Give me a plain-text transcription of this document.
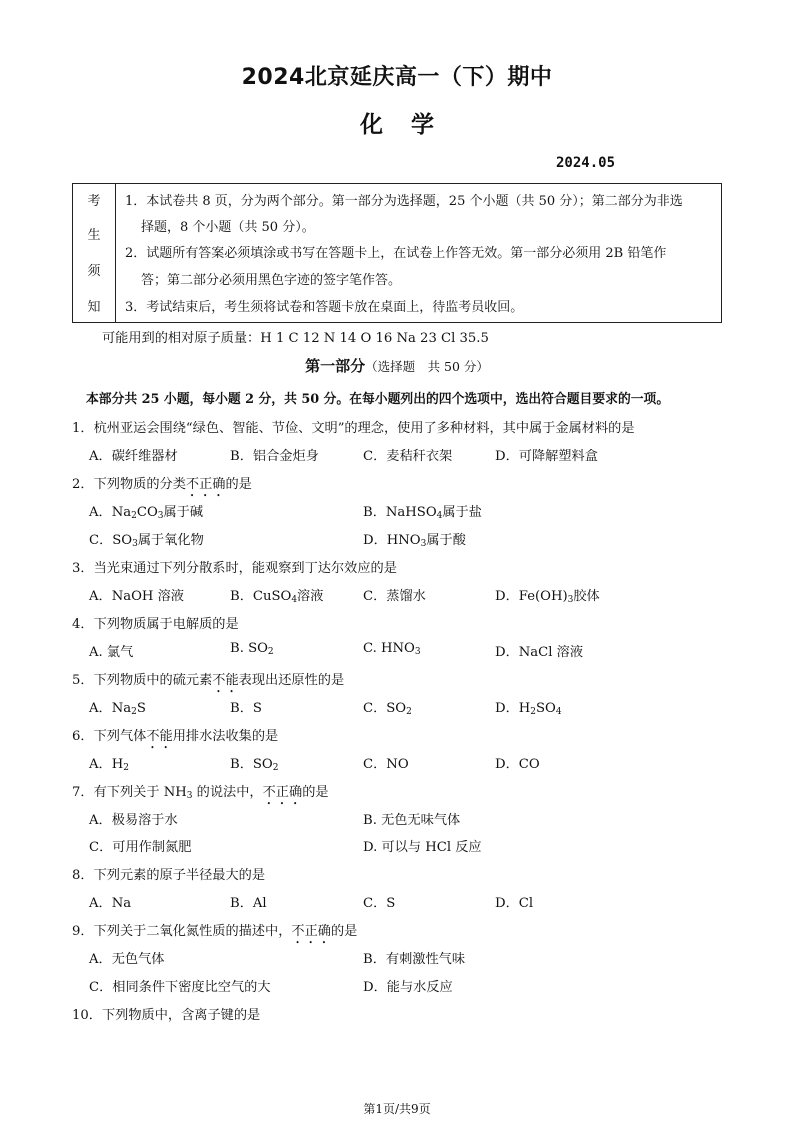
2024北京延庆高一（下）期中
化学
2024.05
考
生
须
知
1．本试卷共 8 页，分为两个部分。第一部分为选择题，25 个小题（共 50 分）；第二部分为非选
择题，8 个小题（共 50 分）。
2．试题所有答案必须填涂或书写在答题卡上，在试卷上作答无效。第一部分必须用 2B 铅笔作
答；第二部分必须用黑色字迹的签字笔作答。
3．考试结束后，考生须将试卷和答题卡放在桌面上，待监考员收回。
可能用到的相对原子质量：H 1 C 12 N 14 O 16 Na 23 Cl 35.5
第一部分（选择题　共 50 分）
本部分共 25 小题，每小题 2 分，共 50 分。在每小题列出的四个选项中，选出符合题目要求的一项。
1．杭州亚运会围绕“绿色、智能、节俭、文明”的理念，使用了多种材料，其中属于金属材料的是
A．碳纤维器材	B．铝合金炬身	C．麦秸秆衣架	D．可降解塑料盒
2．下列物质的分类不正确的是
A．$Na_2CO_3$属于碱	B．NaHSO$_4$属于盐
C．$SO_3$属于氧化物	D．$HNO_3$属于酸
3．当光束通过下列分散系时，能观察到丁达尔效应的是
A．NaOH 溶液	B．CuSO$_4$溶液	C．蒸馏水	D．$Fe(OH)_3$胶体
4．下列物质属于电解质的是
A. 氯气	B. $SO_2$	C. $HNO_3$	D．NaCl 溶液
5．下列物质中的硫元素不能表现出还原性的是
A．$Na_2S$	B．S	C．$SO_2$	D．$H_2SO_4$
6．下列气体不能用排水法收集的是
A．$H_2$	B．$SO_2$	C．NO	D．CO
7．有下列关于 $NH_3$ 的说法中，不正确的是
A．极易溶于水	B. 无色无味气体
C．可用作制氮肥	D. 可以与 HCl 反应
8．下列元素的原子半径最大的是
A．Na	B．Al	C．S	D．Cl
9．下列关于二氧化氮性质的描述中，不正确的是
A．无色气体	B．有刺激性气味
C．相同条件下密度比空气的大	D．能与水反应
10．下列物质中，含离子键的是
第1页/共9页
